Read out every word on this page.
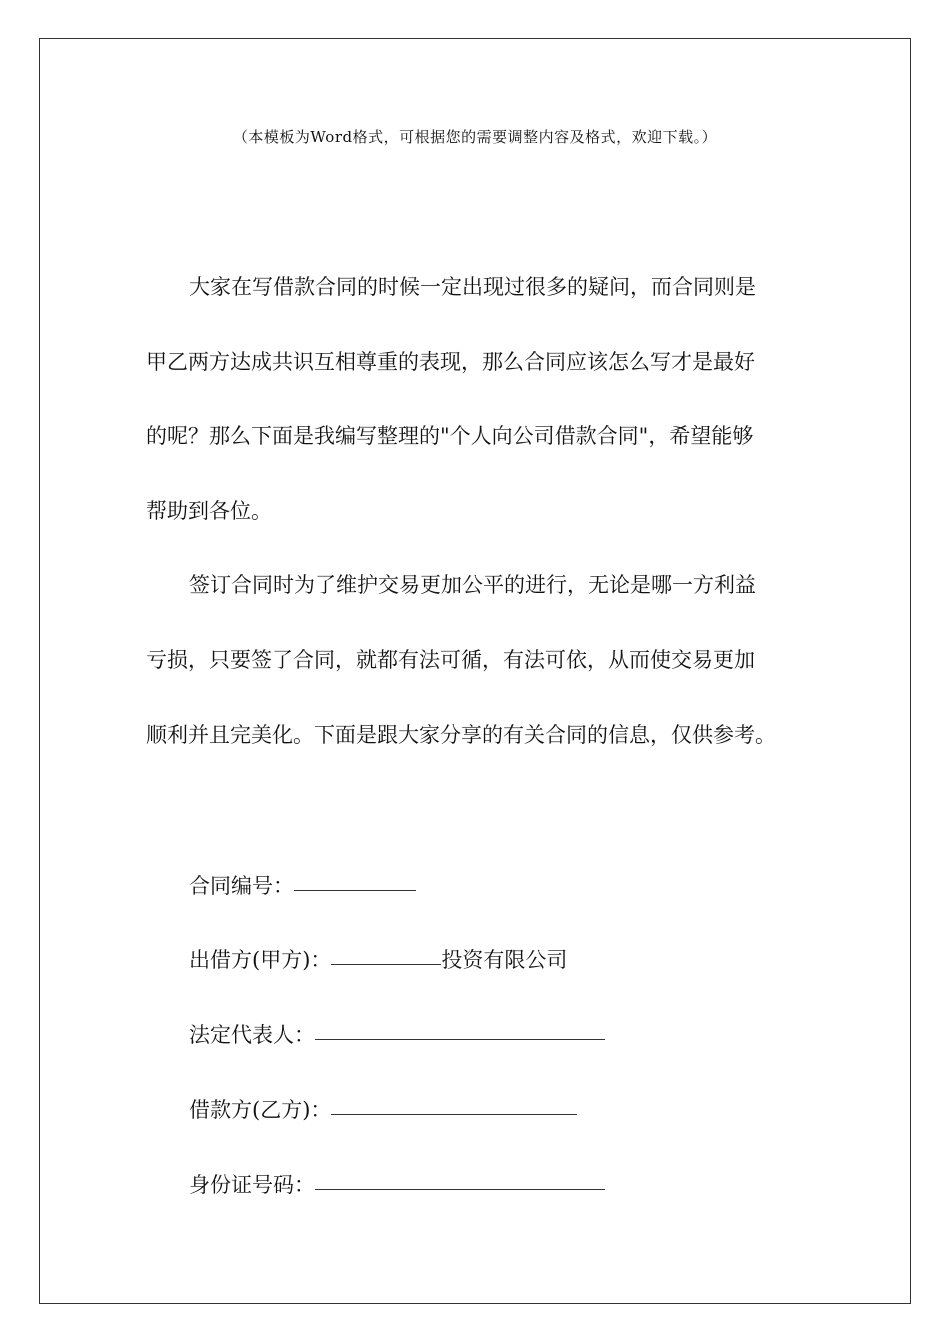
（本模板为Word格式，可根据您的需要调整内容及格式，欢迎下载。）
大家在写借款合同的时候一定出现过很多的疑问，而合同则是
甲乙两方达成共识互相尊重的表现，那么合同应该怎么写才是最好
的呢？那么下面是我编写整理的"个人向公司借款合同"，希望能够
帮助到各位。
签订合同时为了维护交易更加公平的进行，无论是哪一方利益
亏损，只要签了合同，就都有法可循，有法可依，从而使交易更加
顺利并且完美化。下面是跟大家分享的有关合同的信息，仅供参考。
合同编号：
出借方(甲方)：	投资有限公司
法定代表人：
借款方(乙方)：
身份证号码：
